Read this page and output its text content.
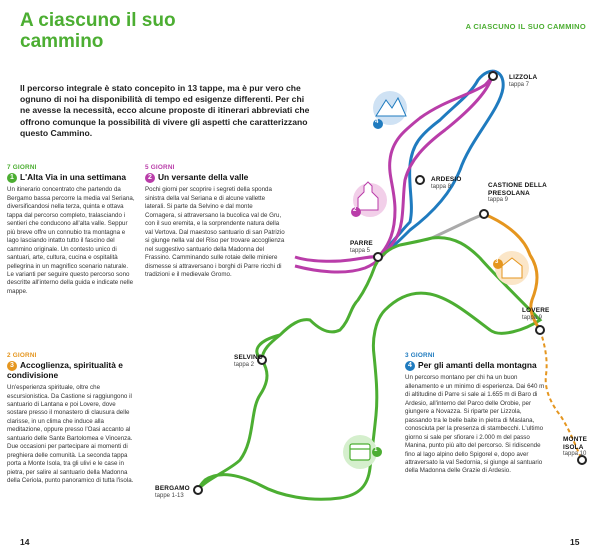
4
2
3
1
A ciascuno il suo cammino
A CIASCUNO IL SUO CAMMINO
Il percorso integrale è stato concepito in 13 tappe, ma è pur vero che ognuno di noi ha disponibilità di tempo ed esigenze differenti. Per chi ne avesse la necessità, ecco alcune proposte di itinerari abbreviati che offrono comunque la possibilità di vivere gli aspetti che caratterizzano questo Cammino.
7 GIORNI
1 L'Alta Via in una settimana
Un itinerario concentrato che partendo da Bergamo bassa percorre la media val Seriana, diversificandosi nella terza, quinta e ottava tappa dal percorso completo, tralasciando i sentieri che conducono all'alta valle. Seppur più breve offre un connubio tra montagna e lago lasciando intatto tutto il fascino del cammino originale. Un contesto unico di santuari, arte, cultura, cucina e ospitalità pellegrina in un magnifico scenario naturale. Le varianti per seguire questo percorso sono descritte all'interno della guida e indicate nelle mappe.
5 GIORNI
2 Un versante della valle
Pochi giorni per scoprire i segreti della sponda sinistra della val Seriana e di alcune vallette laterali. Si parte da Selvino e dal monte Cornagera, si attraversano la bucolica val de Gru, con il suo eremita, e la sorprendente natura della val Vertova. Dal maestoso santuario di san Patrizio si giunge nella val del Riso per trovare accoglienza nel suggestivo santuario della Madonna del Frassino. Camminando sulle rotaie delle miniere dismesse si attraversano i borghi di Parre ricchi di tradizioni e il medievale Gromo.
2 GIORNI
3 Accoglienza, spiritualità e condivisione
Un'esperienza spirituale, oltre che escursionistica. Da Castione si raggiungono il santuario di Lantana e poi Lovere, dove sostare presso il monastero di clausura delle clarisse, in un clima che induce alla meditazione, oppure presso l'Oasi accanto al santuario delle Sante Bartolomea e Vincenza. Due occasioni per partecipare ai momenti di preghiera delle comunità. La seconda tappa porta a Monte Isola, tra gli ulivi e le case in pietra, per salire al santuario della Madonna della Ceriola, punto panoramico di tutta l'isola.
3 GIORNI
4 Per gli amanti della montagna
Un percorso montano per chi ha un buon allenamento e un minimo di esperienza. Dai 640 m di altitudine di Parre si sale ai 1.655 m di Baro di Ardesio, all'interno del Parco delle Orobie, per giungere a Novazza. Si riparte per Lizzola, passando tra le belle baite in pietra di Maslana, conosciuta per la presenza di stambecchi. L'ultimo giorno si sale per sfiorare i 2.000 m del passo Manina, punto più alto del percorso. Si ridiscende fino al lago alpino dello Spigorel e, dopo aver attraversato la val Sedornia, si giunge al santuario della Madonna delle Grazie di Ardesio.
LIZZOLA
tappa 7
ARDESIO
tappa 8	CASTIONE DELLA PRESOLANA
tappa 9
PARRE
tappa 5
LOVERE
tappa 9
SELVINO
tappa 2
MONTE ISOLA
tappa 10
BERGAMO
tappe 1-13
14	15
